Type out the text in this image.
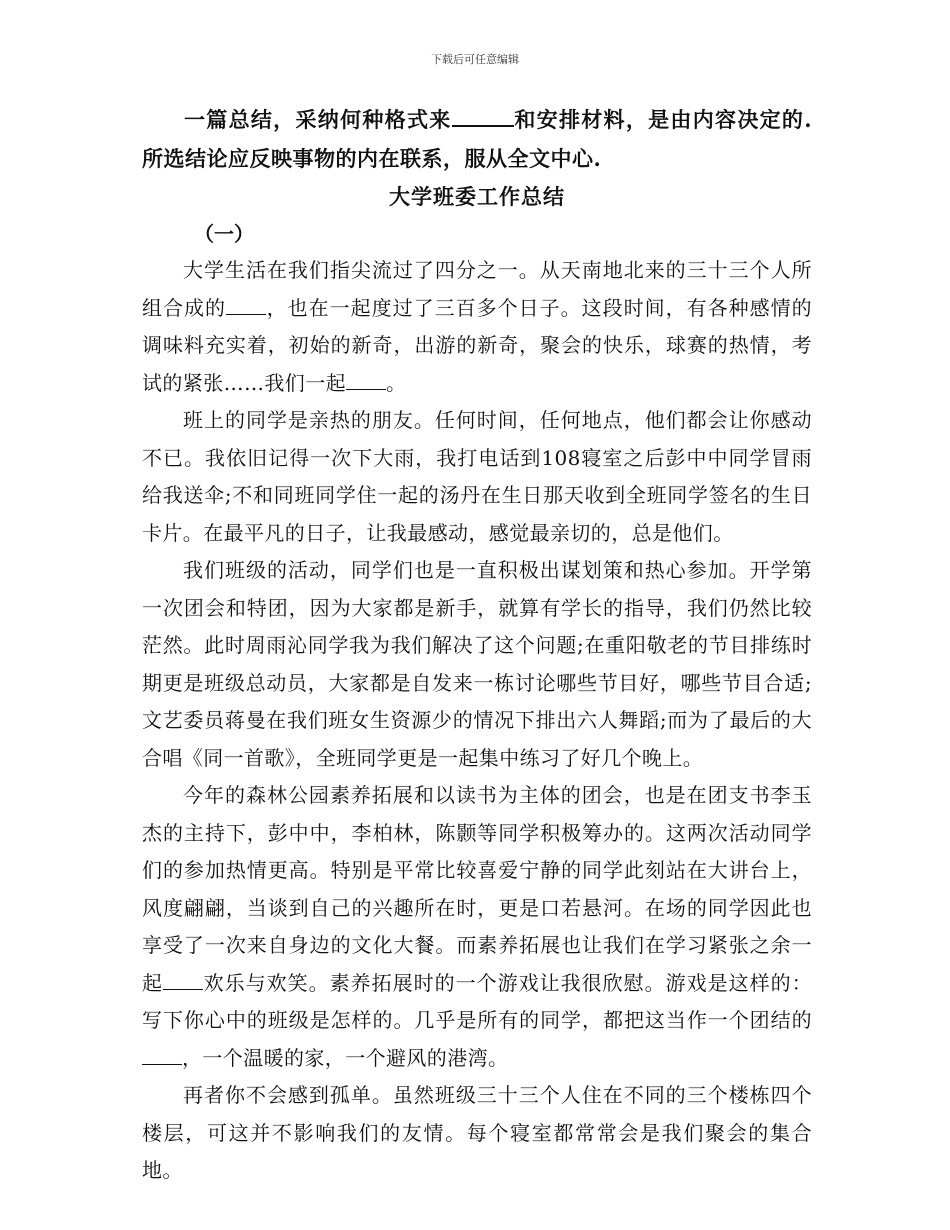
下载后可任意编辑

一篇总结，采纳何种格式来	和安排材料，是由内容决定的.所选结论应反映事物的内在联系，服从全文中心.

大学班委工作总结

（一）

大学生活在我们指尖流过了四分之一。从天南地北来的三十三个人所组合成的 ，也在一起度过了三百多个日子。这段时间，有各种感情的调味料充实着，初始的新奇，出游的新奇，聚会的快乐，球赛的热情，考试的紧张……我们一起 。

班上的同学是亲热的朋友。任何时间，任何地点，他们都会让你感动不已。我依旧记得一次下大雨，我打电话到108寝室之后彭中中同学冒雨给我送伞;不和同班同学住一起的汤丹在生日那天收到全班同学签名的生日卡片。在最平凡的日子，让我最感动，感觉最亲切的，总是他们。

我们班级的活动，同学们也是一直积极出谋划策和热心参加。开学第一次团会和特团，因为大家都是新手，就算有学长的指导，我们仍然比较茫然。此时周雨沁同学我为我们解决了这个问题;在重阳敬老的节目排练时期更是班级总动员，大家都是自发来一栋讨论哪些节目好，哪些节目合适;文艺委员蒋曼在我们班女生资源少的情况下排出六人舞蹈;而为了最后的大合唱《同一首歌》，全班同学更是一起集中练习了好几个晚上。

今年的森林公园素养拓展和以读书为主体的团会，也是在团支书李玉杰的主持下，彭中中，李柏林，陈颢等同学积极筹办的。这两次活动同学们的参加热情更高。特别是平常比较喜爱宁静的同学此刻站在大讲台上，风度翩翩，当谈到自己的兴趣所在时，更是口若悬河。在场的同学因此也享受了一次来自身边的文化大餐。而素养拓展也让我们在学习紧张之余一起 欢乐与欢笑。素养拓展时的一个游戏让我很欣慰。游戏是这样的：写下你心中的班级是怎样的。几乎是所有的同学，都把这当作一个团结的，一个温暖的家，一个避风的港湾。

再者你不会感到孤单。虽然班级三十三个人住在不同的三个楼栋四个楼层，可这并不影响我们的友情。每个寝室都常常会是我们聚会的集合地。
